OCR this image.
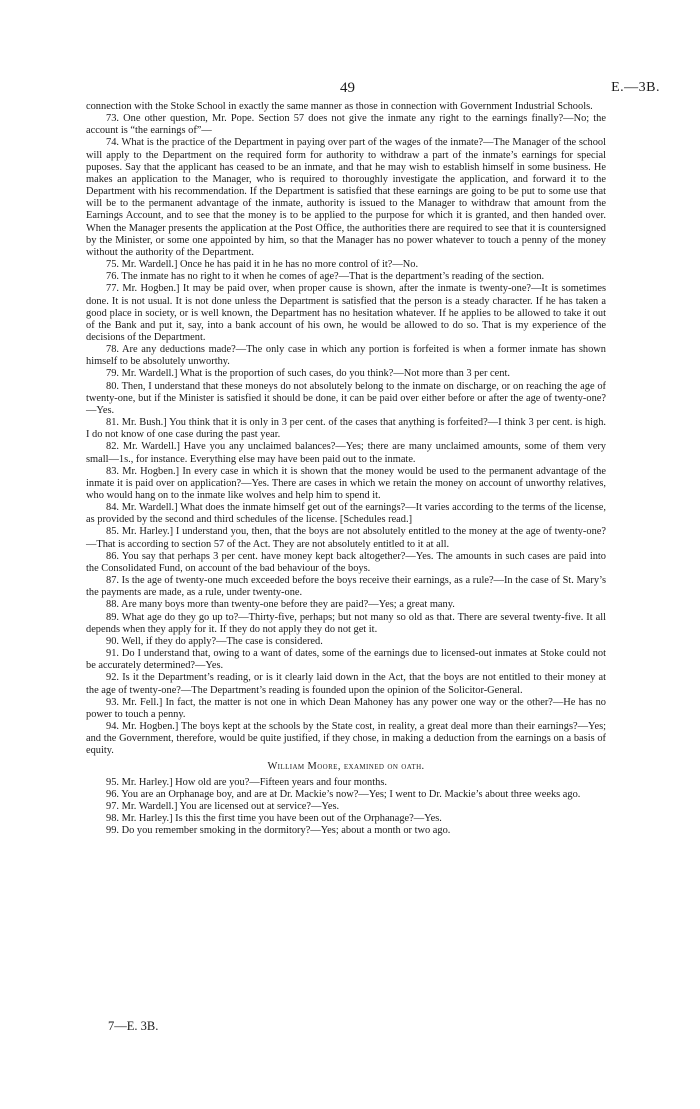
49	E.—3B.

connection with the Stoke School in exactly the same manner as those in connection with Government Industrial Schools.

73. One other question, Mr. Pope. Section 57 does not give the inmate any right to the earnings finally?—No; the account is “the earnings of”—

74. What is the practice of the Department in paying over part of the wages of the inmate?—The Manager of the school will apply to the Department on the required form for authority to withdraw a part of the inmate’s earnings for special puposes. Say that the applicant has ceased to be an inmate, and that he may wish to establish himself in some business. He makes an application to the Manager, who is required to thoroughly investigate the application, and forward it to the Department with his recommendation. If the Department is satisfied that these earnings are going to be put to some use that will be to the permanent advantage of the inmate, authority is issued to the Manager to withdraw that amount from the Earnings Account, and to see that the money is to be applied to the purpose for which it is granted, and then handed over. When the Manager presents the application at the Post Office, the authorities there are required to see that it is countersigned by the Minister, or some one appointed by him, so that the Manager has no power whatever to touch a penny of the money without the authority of the Department.

75. Mr. Wardell.] Once he has paid it in he has no more control of it?—No.

76. The inmate has no right to it when he comes of age?—That is the department’s reading of the section.

77. Mr. Hogben.] It may be paid over, when proper cause is shown, after the inmate is twenty-one?—It is sometimes done. It is not usual. It is not done unless the Department is satisfied that the person is a steady character. If he has taken a good place in society, or is well known, the Department has no hesitation whatever. If he applies to be allowed to take it out of the Bank and put it, say, into a bank account of his own, he would be allowed to do so. That is my experience of the decisions of the Department.

78. Are any deductions made?—The only case in which any portion is forfeited is when a former inmate has shown himself to be absolutely unworthy.

79. Mr. Wardell.] What is the proportion of such cases, do you think?—Not more than 3 per cent.

80. Then, I understand that these moneys do not absolutely belong to the inmate on discharge, or on reaching the age of twenty-one, but if the Minister is satisfied it should be done, it can be paid over either before or after the age of twenty-one?—Yes.

81. Mr. Bush.] You think that it is only in 3 per cent. of the cases that anything is forfeited?—I think 3 per cent. is high. I do not know of one case during the past year.

82. Mr. Wardell.] Have you any unclaimed balances?—Yes; there are many unclaimed amounts, some of them very small—1s., for instance. Everything else may have been paid out to the inmate.

83. Mr. Hogben.] In every case in which it is shown that the money would be used to the permanent advantage of the inmate it is paid over on application?—Yes. There are cases in which we retain the money on account of unworthy relatives, who would hang on to the inmate like wolves and help him to spend it.

84. Mr. Wardell.] What does the inmate himself get out of the earnings?—It varies according to the terms of the license, as provided by the second and third schedules of the license. [Schedules read.]

85. Mr. Harley.] I understand you, then, that the boys are not absolutely entitled to the money at the age of twenty-one?—That is according to section 57 of the Act. They are not absolutely entitled to it at all.

86. You say that perhaps 3 per cent. have money kept back altogether?—Yes. The amounts in such cases are paid into the Consolidated Fund, on account of the bad behaviour of the boys.

87. Is the age of twenty-one much exceeded before the boys receive their earnings, as a rule?—In the case of St. Mary’s the payments are made, as a rule, under twenty-one.

88. Are many boys more than twenty-one before they are paid?—Yes; a great many.

89. What age do they go up to?—Thirty-five, perhaps; but not many so old as that. There are several twenty-five. It all depends when they apply for it. If they do not apply they do not get it.

90. Well, if they do apply?—The case is considered.

91. Do I understand that, owing to a want of dates, some of the earnings due to licensed-out inmates at Stoke could not be accurately determined?—Yes.

92. Is it the Department’s reading, or is it clearly laid down in the Act, that the boys are not entitled to their money at the age of twenty-one?—The Department’s reading is founded upon the opinion of the Solicitor-General.

93. Mr. Fell.] In fact, the matter is not one in which Dean Mahoney has any power one way or the other?—He has no power to touch a penny.

94. Mr. Hogben.] The boys kept at the schools by the State cost, in reality, a great deal more than their earnings?—Yes; and the Government, therefore, would be quite justified, if they chose, in making a deduction from the earnings on a basis of equity.

William Moore, examined on oath.

95. Mr. Harley.] How old are you?—Fifteen years and four months.

96. You are an Orphanage boy, and are at Dr. Mackie’s now?—Yes; I went to Dr. Mackie’s about three weeks ago.

97. Mr. Wardell.] You are licensed out at service?—Yes.

98. Mr. Harley.] Is this the first time you have been out of the Orphanage?—Yes.

99. Do you remember smoking in the dormitory?—Yes; about a month or two ago.

7—E. 3B.
